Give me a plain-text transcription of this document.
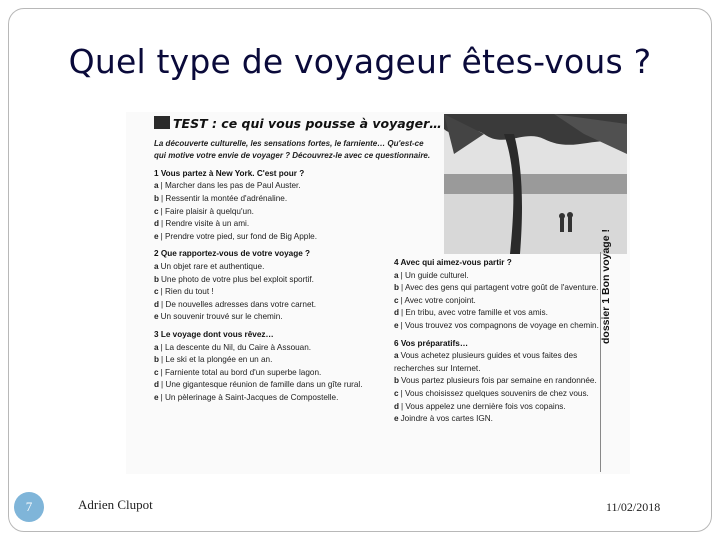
Quel type de voyageur êtes-vous ?
TEST : ce qui vous pousse à voyager…
La découverte culturelle, les sensations fortes, le farniente… Qu'est-ce qui motive votre envie de voyager ? Découvrez-le avec ce questionnaire.
1 Vous partez à New York. C'est pour ?
a | Marcher dans les pas de Paul Auster.
b | Ressentir la montée d'adrénaline.
c | Faire plaisir à quelqu'un.
d | Rendre visite à un ami.
e | Prendre votre pied, sur fond de Big Apple.
2 Que rapportez-vous de votre voyage ?
a Un objet rare et authentique.
b Une photo de votre plus bel exploit sportif.
c | Rien du tout !
d | De nouvelles adresses dans votre carnet.
e Un souvenir trouvé sur le chemin.
3 Le voyage dont vous rêvez…
a | La descente du Nil, du Caire à Assouan.
b | Le ski et la plongée en un an.
c | Farniente total au bord d'un superbe lagon.
d | Une gigantesque réunion de famille dans un gîte rural.
e | Un pèlerinage à Saint-Jacques de Compostelle.
4 Avec qui aimez-vous partir ?
a | Un guide culturel.
b | Avec des gens qui partagent votre goût de l'aventure.
c | Avec votre conjoint.
d | En tribu, avec votre famille et vos amis.
e | Vous trouvez vos compagnons de voyage en chemin.
6 Vos préparatifs…
a Vous achetez plusieurs guides et vous faites des recherches sur Internet.
b Vous partez plusieurs fois par semaine en randonnée.
c | Vous choisissez quelques souvenirs de chez vous.
d | Vous appelez une dernière fois vos copains.
e Joindre à vos cartes IGN.
dossier 1 Bon voyage !
7	Adrien Clupot	11/02/2018
